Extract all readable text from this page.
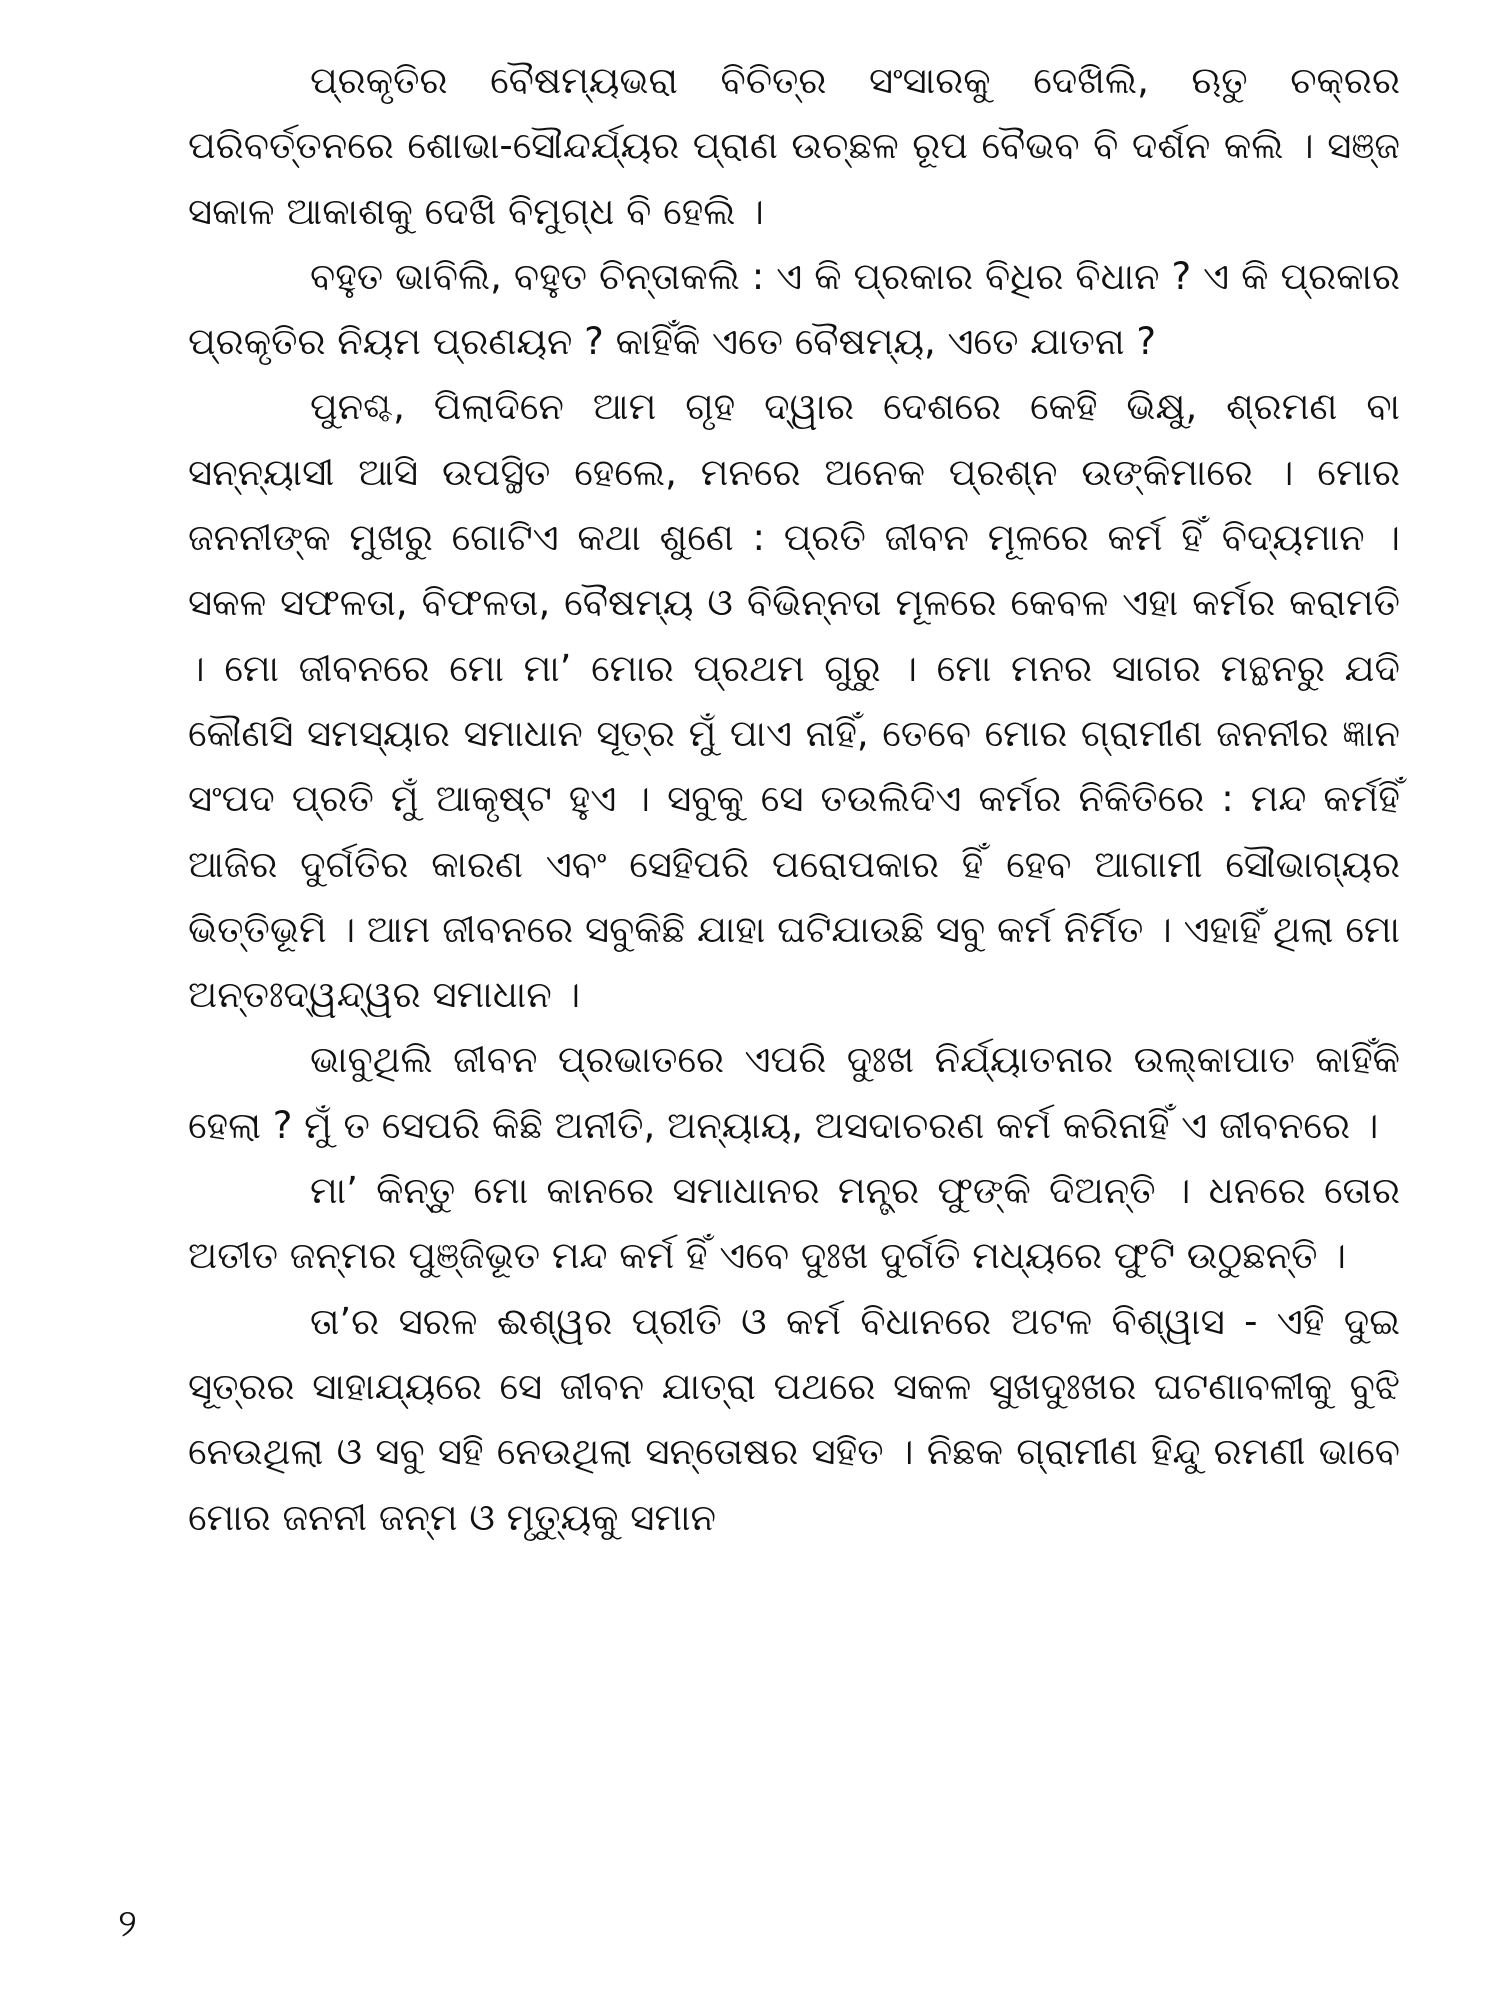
ପ୍ରକୃତିର ବୈଷମ୍ୟଭରା ବିଚିତ୍ର ସଂସାରକୁ ଦେଖିଲି, ଋତୁ ଚକ୍ରର ପରିବର୍ତ୍ତନରେ ଶୋଭା-ସୌନ୍ଦର୍ଯ୍ୟର ପ୍ରାଣ ଉଚ୍ଛଳ ରୂପ ବୈଭବ ବି ଦର୍ଶନ କଲି । ସଞ୍ଜ ସକାଳ ଆକାଶକୁ ଦେଖି ବିମୁଗ୍ଧ ବି ହେଲି ।

ବହୁତ ଭାବିଲି, ବହୁତ ଚିନ୍ତାକଲି : ଏ କି ପ୍ରକାର ବିଧିର ବିଧାନ ? ଏ କି ପ୍ରକାର ପ୍ରକୃତିର ନିୟମ ପ୍ରଣୟନ ? କାହିଁକି ଏତେ ବୈଷମ୍ୟ, ଏତେ ଯାତନା ?

ପୁନଶ୍ଚ, ପିଲାଦିନେ ଆମ ଗୃହ ଦ୍ୱାର ଦେଶରେ କେହି ଭିକ୍ଷୁ, ଶ୍ରମଣ ବା ସନ୍ନ୍ୟାସୀ ଆସି ଉପସ୍ଥିତ ହେଲେ, ମନରେ ଅନେକ ପ୍ରଶ୍ନ ଉଙ୍କିମାରେ । ମୋର ଜନନୀଙ୍କ ମୁଖରୁ ଗୋଟିଏ କଥା ଶୁଣେ : ପ୍ରତି ଜୀବନ ମୂଳରେ କର୍ମ ହିଁ ବିଦ୍ୟମାନ । ସକଳ ସଫଳତା, ବିଫଳତା, ବୈଷମ୍ୟ ଓ ବିଭିନ୍ନତା ମୂଳରେ କେବଳ ଏହା କର୍ମର କରାମତି । ମୋ ଜୀବନରେ ମୋ ମା’ ମୋର ପ୍ରଥମ ଗୁରୁ । ମୋ ମନର ସାଗର ମନ୍ଥନରୁ ଯଦି କୌଣସି ସମସ୍ୟାର ସମାଧାନ ସୂତ୍ର ମୁଁ ପାଏ ନାହିଁ, ତେବେ ମୋର ଗ୍ରାମୀଣ ଜନନୀର ଜ୍ଞାନ ସଂପଦ ପ୍ରତି ମୁଁ ଆକୃଷ୍ଟ ହୁଏ । ସବୁକୁ ସେ ତଉଲିଦିଏ କର୍ମର ନିକିତିରେ : ମନ୍ଦ କର୍ମହିଁ ଆଜିର ଦୁର୍ଗତିର କାରଣ ଏବଂ ସେହିପରି ପରୋପକାର ହିଁ ହେବ ଆଗାମୀ ସୌଭାଗ୍ୟର ଭିତ୍ତିଭୂମି । ଆମ ଜୀବନରେ ସବୁକିଛି ଯାହା ଘଟିଯାଉଛି ସବୁ କର୍ମ ନିର୍ମିତ । ଏହାହିଁ ଥିଲା ମୋ ଅନ୍ତଃଦ୍ୱନ୍ଦ୍ୱର ସମାଧାନ ।

ଭାବୁଥିଲି ଜୀବନ ପ୍ରଭାତରେ ଏପରି ଦୁଃଖ ନିର୍ଯ୍ୟାତନାର ଉଲ୍କାପାତ କାହିଁକି ହେଲା ? ମୁଁ ତ ସେପରି କିଛି ଅନୀତି, ଅନ୍ୟାୟ, ଅସଦାଚରଣ କର୍ମ କରିନାହିଁ ଏ ଜୀବନରେ ।

ମା’ କିନ୍ତୁ ମୋ କାନରେ ସମାଧାନର ମନ୍ତ୍ର ଫୁଙ୍କି ଦିଅନ୍ତି । ଧନରେ ତୋର ଅତୀତ ଜନ୍ମର ପୁଞ୍ଜିଭୂତ ମନ୍ଦ କର୍ମ ହିଁ ଏବେ ଦୁଃଖ ଦୁର୍ଗତି ମଧ୍ୟରେ ଫୁଟି ଉଠୁଛନ୍ତି ।

ତା’ର ସରଳ ଈଶ୍ୱର ପ୍ରୀତି ଓ କର୍ମ ବିଧାନରେ ଅଟଳ ବିଶ୍ୱାସ - ଏହି ଦୁଇ ସୂତ୍ରର ସାହାଯ୍ୟରେ ସେ ଜୀବନ ଯାତ୍ରା ପଥରେ ସକଳ ସୁଖଦୁଃଖର ଘଟଣାବଳୀକୁ ବୁଝି ନେଉଥିଲା ଓ ସବୁ ସହି ନେଉଥିଲା ସନ୍ତୋଷର ସହିତ । ନିଛକ ଗ୍ରାମୀଣ ହିନ୍ଦୁ ରମଣୀ ଭାବେ ମୋର ଜନନୀ ଜନ୍ମ ଓ ମୃତ୍ୟୁକୁ ସମାନ

୨
